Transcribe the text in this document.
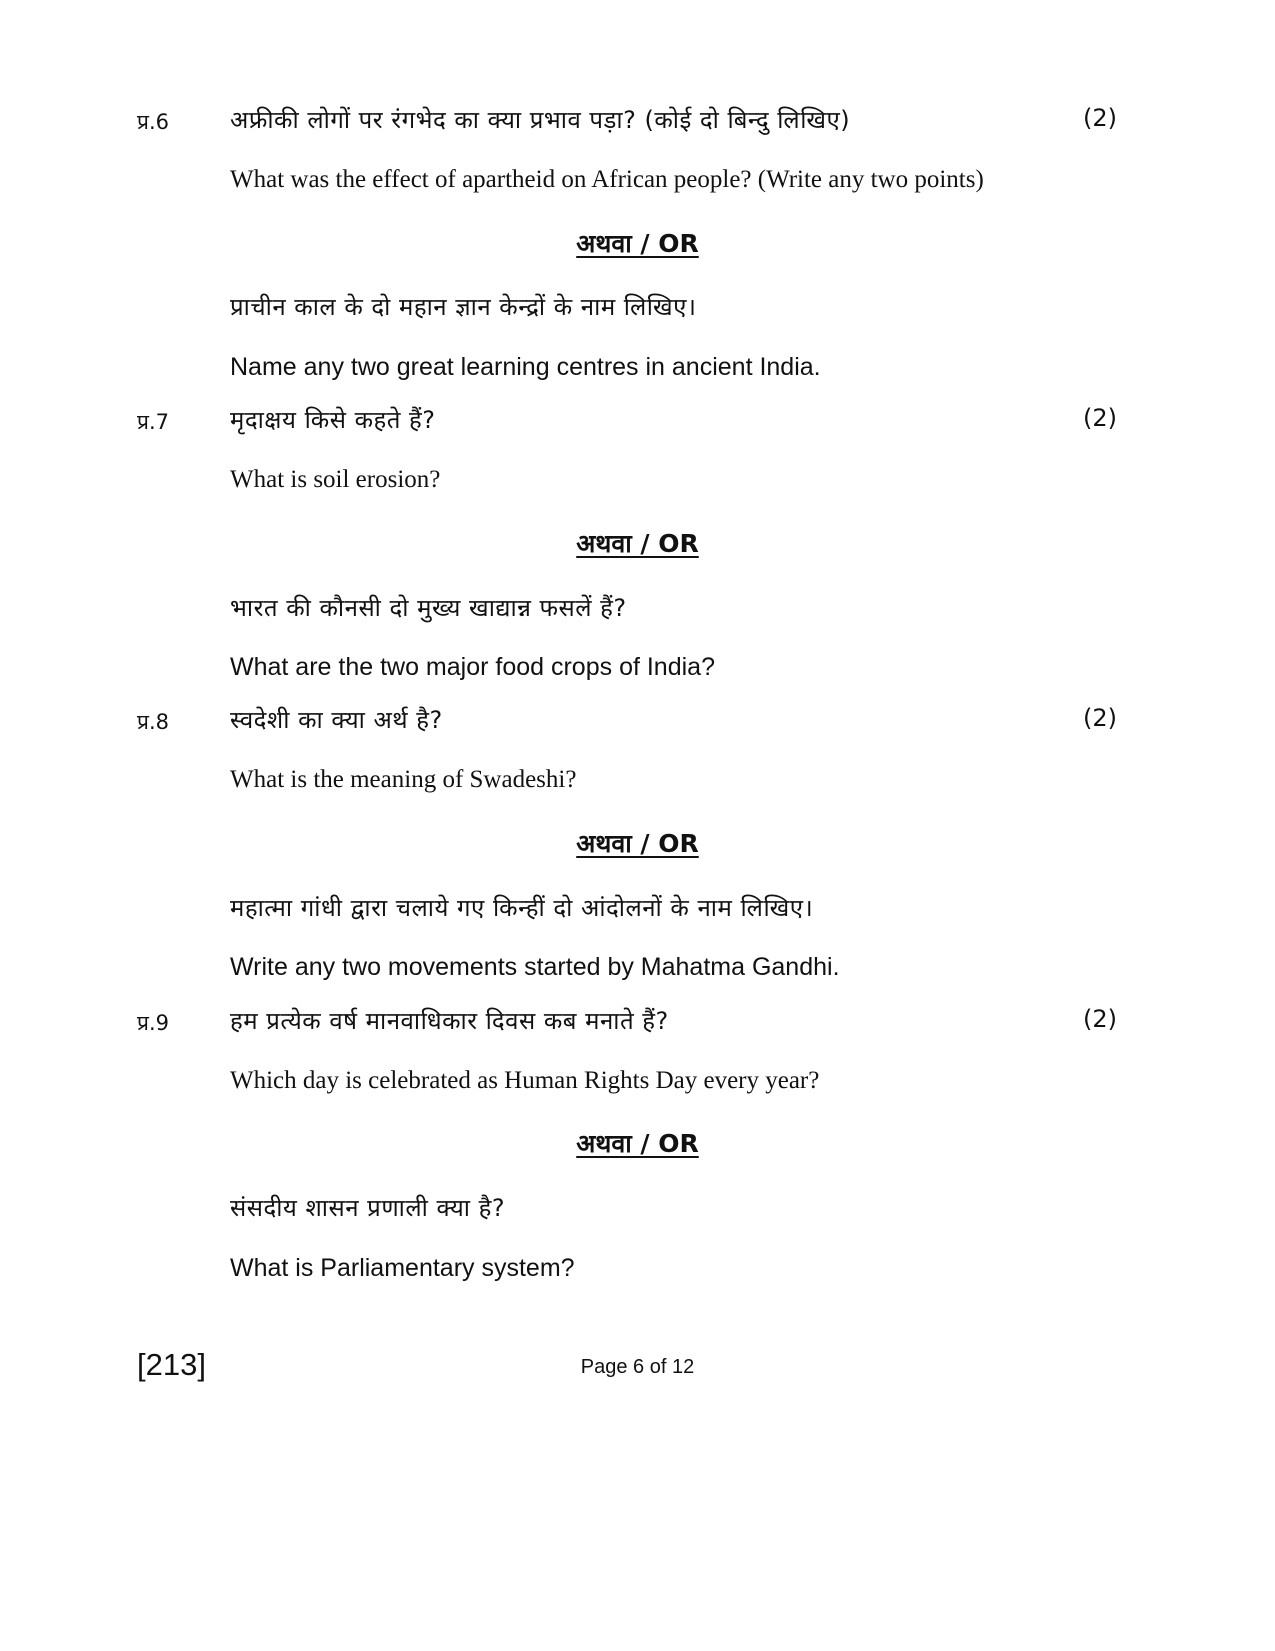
प्र.6	अफ्रीकी लोगों पर रंगभेद का क्या प्रभाव पड़ा? (कोई दो बिन्दु लिखिए)	(2)
What was the effect of apartheid on African people? (Write any two points)
अथवा / OR
प्राचीन काल के दो महान ज्ञान केन्द्रों के नाम लिखिए।
Name any two great learning centres in ancient India.
प्र.7	मृदाक्षय किसे कहते हैं?	(2)
What is soil erosion?
अथवा / OR
भारत की कौनसी दो मुख्य खाद्यान्न फसलें हैं?
What are the two major food crops of India?
प्र.8	स्वदेशी का क्या अर्थ है?	(2)
What is the meaning of Swadeshi?
अथवा / OR
महात्मा गांधी द्वारा चलाये गए किन्हीं दो आंदोलनों के नाम लिखिए।
Write any two movements started by Mahatma Gandhi.
प्र.9	हम प्रत्येक वर्ष मानवाधिकार दिवस कब मनाते हैं?	(2)
Which day is celebrated as Human Rights Day every year?
अथवा / OR
संसदीय शासन प्रणाली क्या है?
What is Parliamentary system?
[213]	Page 6 of 12
